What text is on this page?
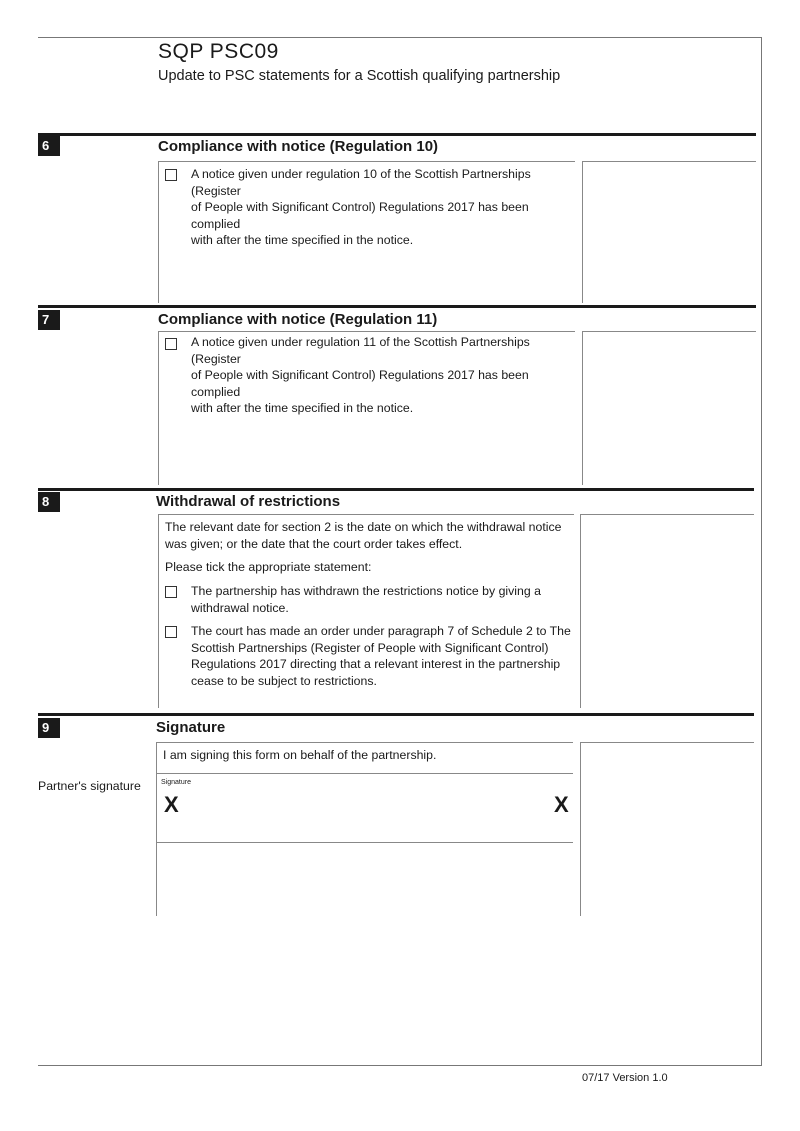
SQP PSC09
Update to PSC statements for a Scottish qualifying partnership
6	Compliance with notice (Regulation 10)
A notice given under regulation 10 of the Scottish Partnerships (Register
of People with Significant Control) Regulations 2017 has been complied
with after the time specified in the notice.
7	Compliance with notice (Regulation 11)
A notice given under regulation 11 of the Scottish Partnerships (Register
of People with Significant Control) Regulations 2017 has been complied
with after the time specified in the notice.
8	Withdrawal of restrictions
The relevant date for section 2 is the date on which the withdrawal notice
was given; or the date that the court order takes effect.
Please tick the appropriate statement:
The partnership has withdrawn the restrictions notice by giving a
withdrawal notice.
The court has made an order under paragraph 7 of Schedule 2 to The
Scottish Partnerships (Register of People with Significant Control)
Regulations 2017 directing that a relevant interest in the partnership
cease to be subject to restrictions.
9	Signature
I am signing this form on behalf of the partnership.
Partner's signature	Signature
X	X
07/17 Version 1.0
